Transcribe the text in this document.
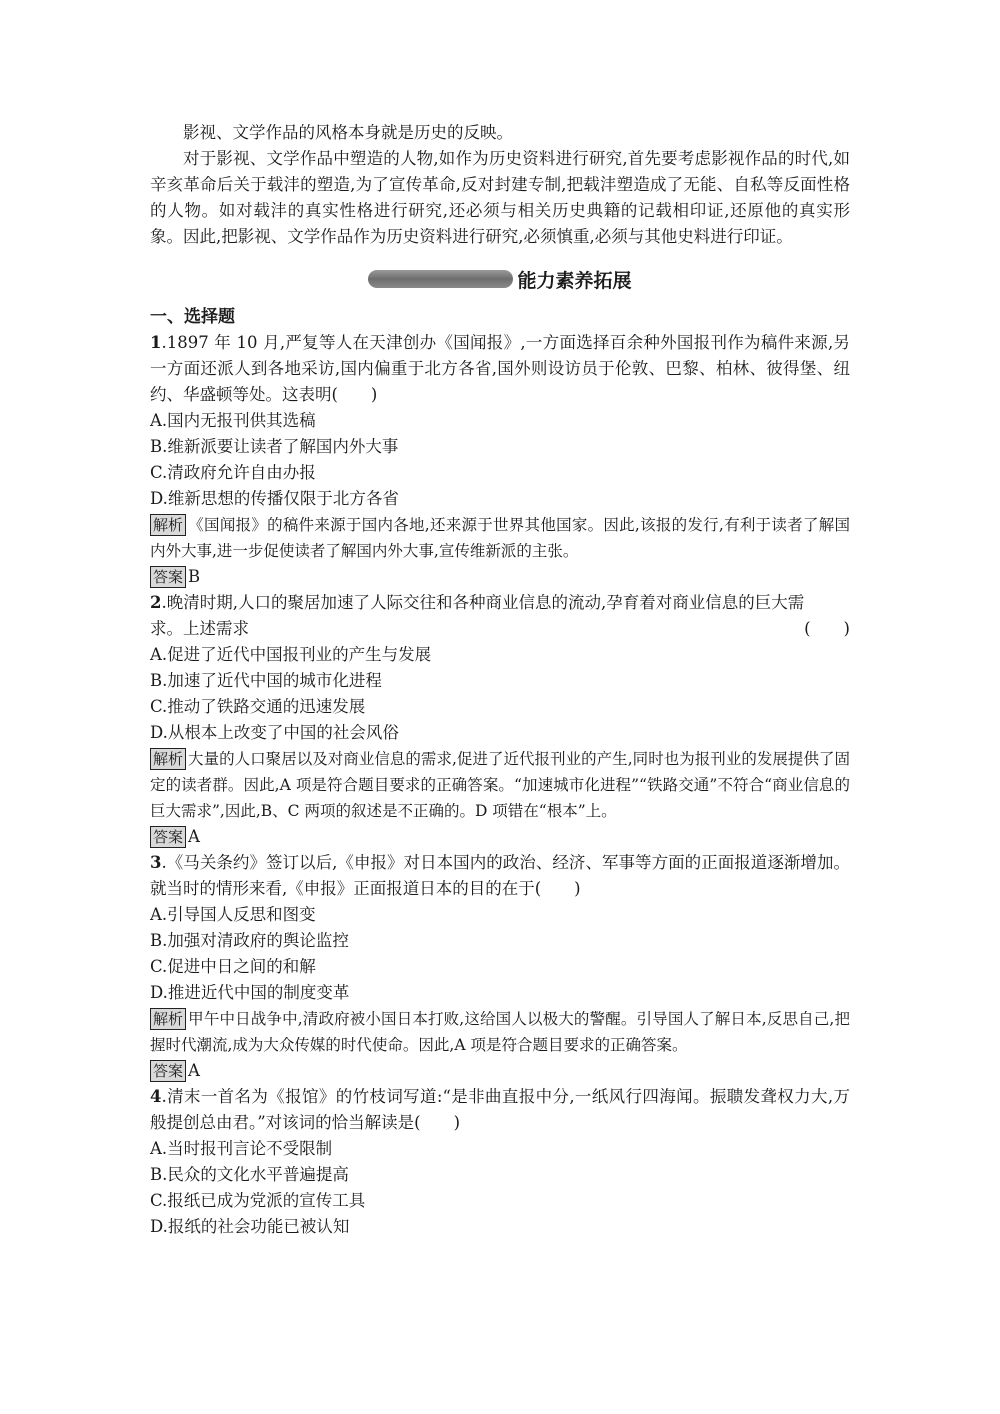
影视、文学作品的风格本身就是历史的反映。

对于影视、文学作品中塑造的人物,如作为历史资料进行研究,首先要考虑影视作品的时代,如辛亥革命后关于载沣的塑造,为了宣传革命,反对封建专制,把载沣塑造成了无能、自私等反面性格的人物。如对载沣的真实性格进行研究,还必须与相关历史典籍的记载相印证,还原他的真实形象。因此,把影视、文学作品作为历史资料进行研究,必须慎重,必须与其他史料进行印证。

能力素养拓展
一、选择题

1.1897 年 10 月,严复等人在天津创办《国闻报》,一方面选择百余种外国报刊作为稿件来源,另一方面还派人到各地采访,国内偏重于北方各省,国外则设访员于伦敦、巴黎、柏林、彼得堡、纽约、华盛顿等处。这表明(　　)

A.国内无报刊供其选稿

B.维新派要让读者了解国内外大事

C.清政府允许自由办报

D.维新思想的传播仅限于北方各省

解析 《国闻报》的稿件来源于国内各地,还来源于世界其他国家。因此,该报的发行,有利于读者了解国内外大事,进一步促使读者了解国内外大事,宣传维新派的主张。

答案 B

2.晚清时期,人口的聚居加速了人际交往和各种商业信息的流动,孕育着对商业信息的巨大需

求。上述需求	(　　)

A.促进了近代中国报刊业的产生与发展

B.加速了近代中国的城市化进程

C.推动了铁路交通的迅速发展

D.从根本上改变了中国的社会风俗

解析 大量的人口聚居以及对商业信息的需求,促进了近代报刊业的产生,同时也为报刊业的发展提供了固定的读者群。因此,A 项是符合题目要求的正确答案。“加速城市化进程”“铁路交通”不符合“商业信息的巨大需求”,因此,B、C 两项的叙述是不正确的。D 项错在“根本”上。

答案 A

3.《马关条约》签订以后,《申报》对日本国内的政治、经济、军事等方面的正面报道逐渐增加。就当时的情形来看,《申报》正面报道日本的目的在于(　　)

A.引导国人反思和图变

B.加强对清政府的舆论监控

C.促进中日之间的和解

D.推进近代中国的制度变革

解析 甲午中日战争中,清政府被小国日本打败,这给国人以极大的警醒。引导国人了解日本,反思自己,把握时代潮流,成为大众传媒的时代使命。因此,A 项是符合题目要求的正确答案。

答案 A

4.清末一首名为《报馆》的竹枝词写道:“是非曲直报中分,一纸风行四海闻。振聩发聋权力大,万般提创总由君。”对该词的恰当解读是(　　)

A.当时报刊言论不受限制

B.民众的文化水平普遍提高

C.报纸已成为党派的宣传工具

D.报纸的社会功能已被认知
